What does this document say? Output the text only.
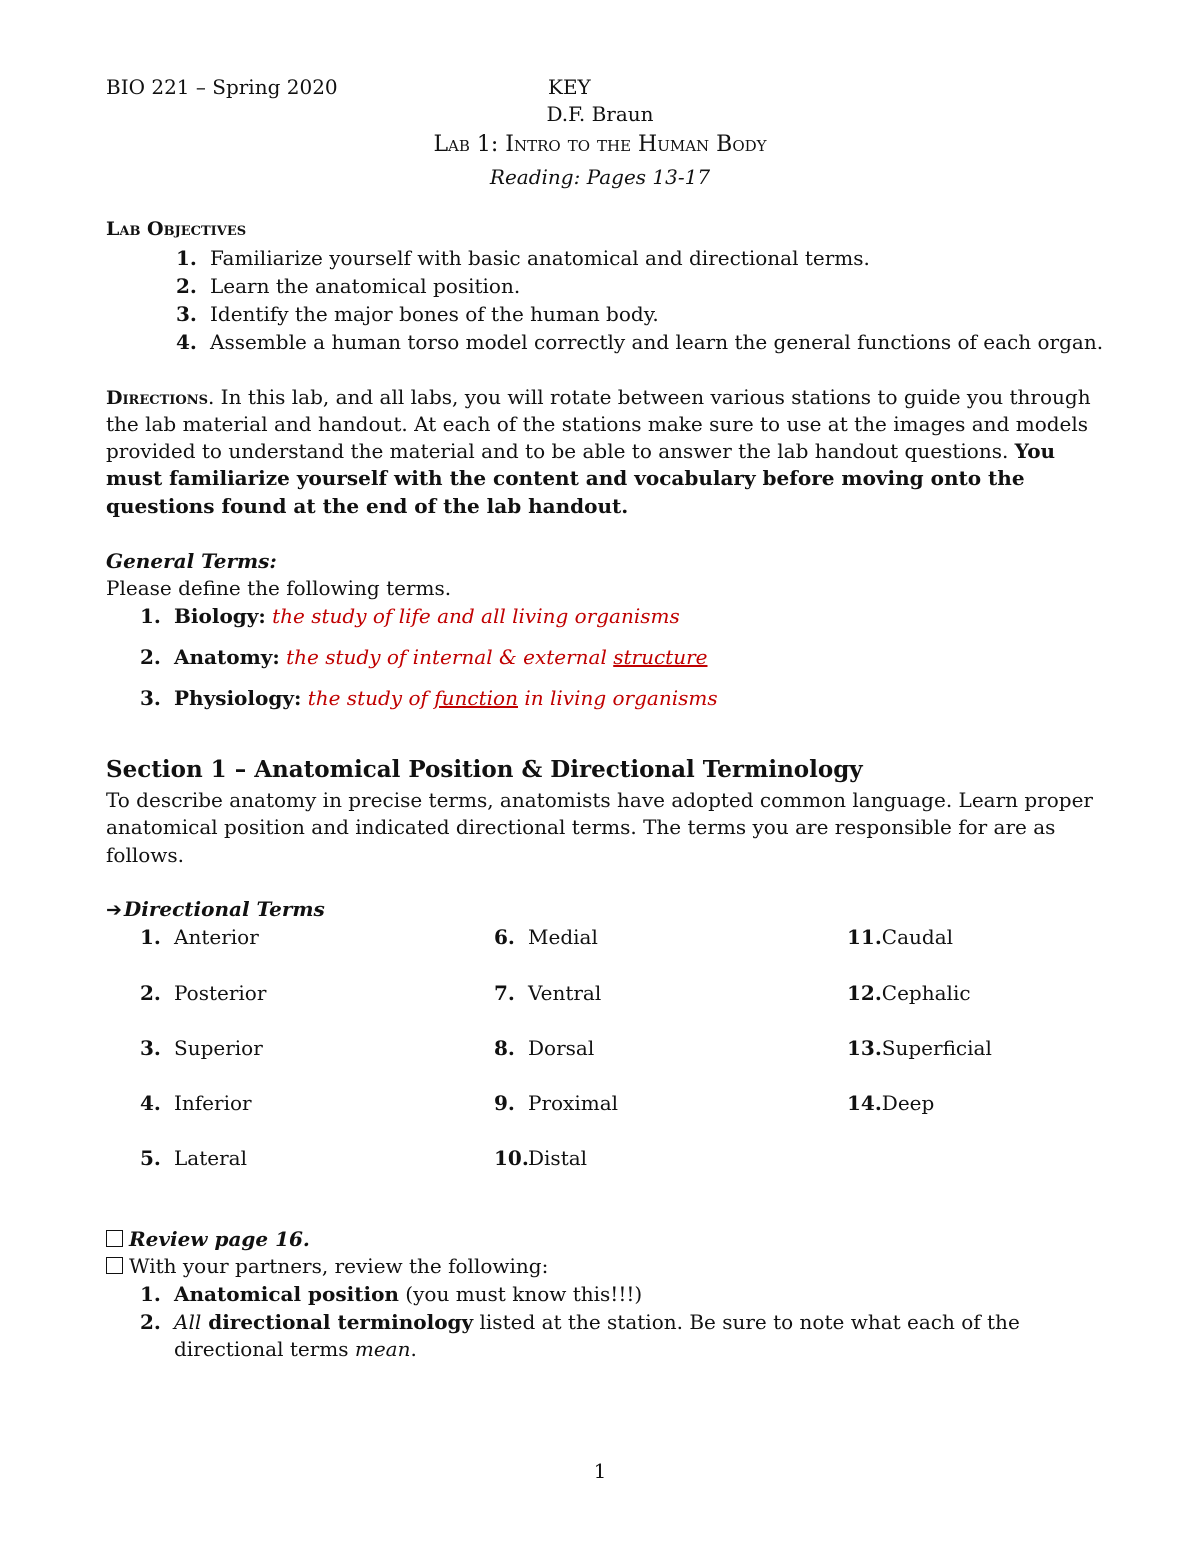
BIO 221 – Spring 2020	KEY
D.F. Braun
Lab 1: Intro to the Human Body
Reading: Pages 13-17
Lab Objectives
1. Familiarize yourself with basic anatomical and directional terms.
2. Learn the anatomical position.
3. Identify the major bones of the human body.
4. Assemble a human torso model correctly and learn the general functions of each organ.
Directions. In this lab, and all labs, you will rotate between various stations to guide you through
the lab material and handout. At each of the stations make sure to use at the images and models
provided to understand the material and to be able to answer the lab handout questions. You
must familiarize yourself with the content and vocabulary before moving onto the
questions found at the end of the lab handout.
General Terms:
Please define the following terms.
1. Biology: the study of life and all living organisms
2. Anatomy: the study of internal & external structure
3. Physiology: the study of function in living organisms
Section 1 – Anatomical Position & Directional Terminology
To describe anatomy in precise terms, anatomists have adopted common language. Learn proper
anatomical position and indicated directional terms. The terms you are responsible for are as
follows.
➔ Directional Terms
1. Anterior
2. Posterior
3. Superior
4. Inferior
5. Lateral
6. Medial
7. Ventral
8. Dorsal
9. Proximal
10.Distal
11.Caudal
12.Cephalic
13.Superficial
14.Deep
Review page 16.
With your partners, review the following:
1. Anatomical position (you must know this!!!)
2. All directional terminology listed at the station. Be sure to note what each of the
directional terms mean.
1
